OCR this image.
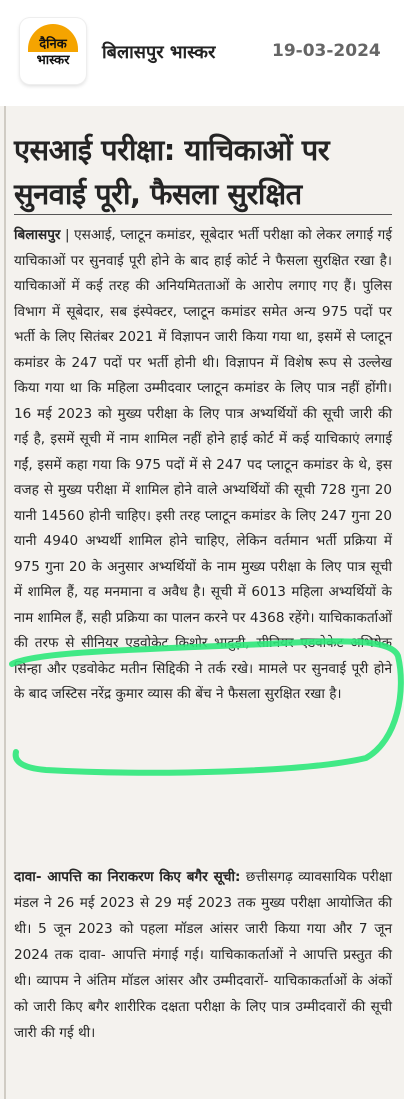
दैनिक
भास्कर	बिलासपुर भास्कर	19-03-2024
एसआई परीक्षा: याचिकाओं पर सुनवाई पूरी, फैसला सुरक्षित

बिलासपुर | एसआई, प्लाटून कमांडर, सूबेदार भर्ती परीक्षा को लेकर लगाई गई याचिकाओं पर सुनवाई पूरी होने के बाद हाई कोर्ट ने फैसला सुरक्षित रखा है। याचिकाओं में कई तरह की अनियमितताओं के आरोप लगाए गए हैं। पुलिस विभाग में सूबेदार, सब इंस्पेक्टर, प्लाटून कमांडर समेत अन्य 975 पदों पर भर्ती के लिए सितंबर 2021 में विज्ञापन जारी किया गया था, इसमें से प्लाटून कमांडर के 247 पदों पर भर्ती होनी थी। विज्ञापन में विशेष रूप से उल्लेख किया गया था कि महिला उम्मीदवार प्लाटून कमांडर के लिए पात्र नहीं होंगी। 16 मई 2023 को मुख्य परीक्षा के लिए पात्र अभ्यर्थियों की सूची जारी की गई है, इसमें सूची में नाम शामिल नहीं होने हाई कोर्ट में कई याचिकाएं लगाई गईं, इसमें कहा गया कि 975 पदों में से 247 पद प्लाटून कमांडर के थे, इस वजह से मुख्य परीक्षा में शामिल होने वाले अभ्यर्थियों की सूची 728 गुना 20 यानी 14560 होनी चाहिए। इसी तरह प्लाटून कमांडर के लिए 247 गुना 20 यानी 4940 अभ्यर्थी शामिल होने चाहिए, लेकिन वर्तमान भर्ती प्रक्रिया में 975 गुना 20 के अनुसार अभ्यर्थियों के नाम मुख्य परीक्षा के लिए पात्र सूची में शामिल हैं, यह मनमाना व अवैध है। सूची में 6013 महिला अभ्यर्थियों के नाम शामिल हैं, सही प्रक्रिया का पालन करने पर 4368 रहेंगे। याचिकाकर्ताओं की तरफ से सीनियर एडवोकेट किशोर भादुड़ी, सीनियर एडवोकेट अभिषेक सिन्हा और एडवोकेट मतीन सिद्दिकी ने तर्क रखे। मामले पर सुनवाई पूरी होने के बाद जस्टिस नरेंद्र कुमार व्यास की बेंच ने फैसला सुरक्षित रखा है।

दावा- आपत्ति का निराकरण किए बगैर सूची: छत्तीसगढ़ व्यावसायिक परीक्षा मंडल ने 26 मई 2023 से 29 मई 2023 तक मुख्य परीक्षा आयोजित की थी। 5 जून 2023 को पहला मॉडल आंसर जारी किया गया और 7 जून 2024 तक दावा- आपत्ति मंगाई गई। याचिकाकर्ताओं ने आपत्ति प्रस्तुत की थी। व्यापम ने अंतिम मॉडल आंसर और उम्मीदवारों- याचिकाकर्ताओं के अंकों को जारी किए बगैर शारीरिक दक्षता परीक्षा के लिए पात्र उम्मीदवारों की सूची जारी की गई थी।
